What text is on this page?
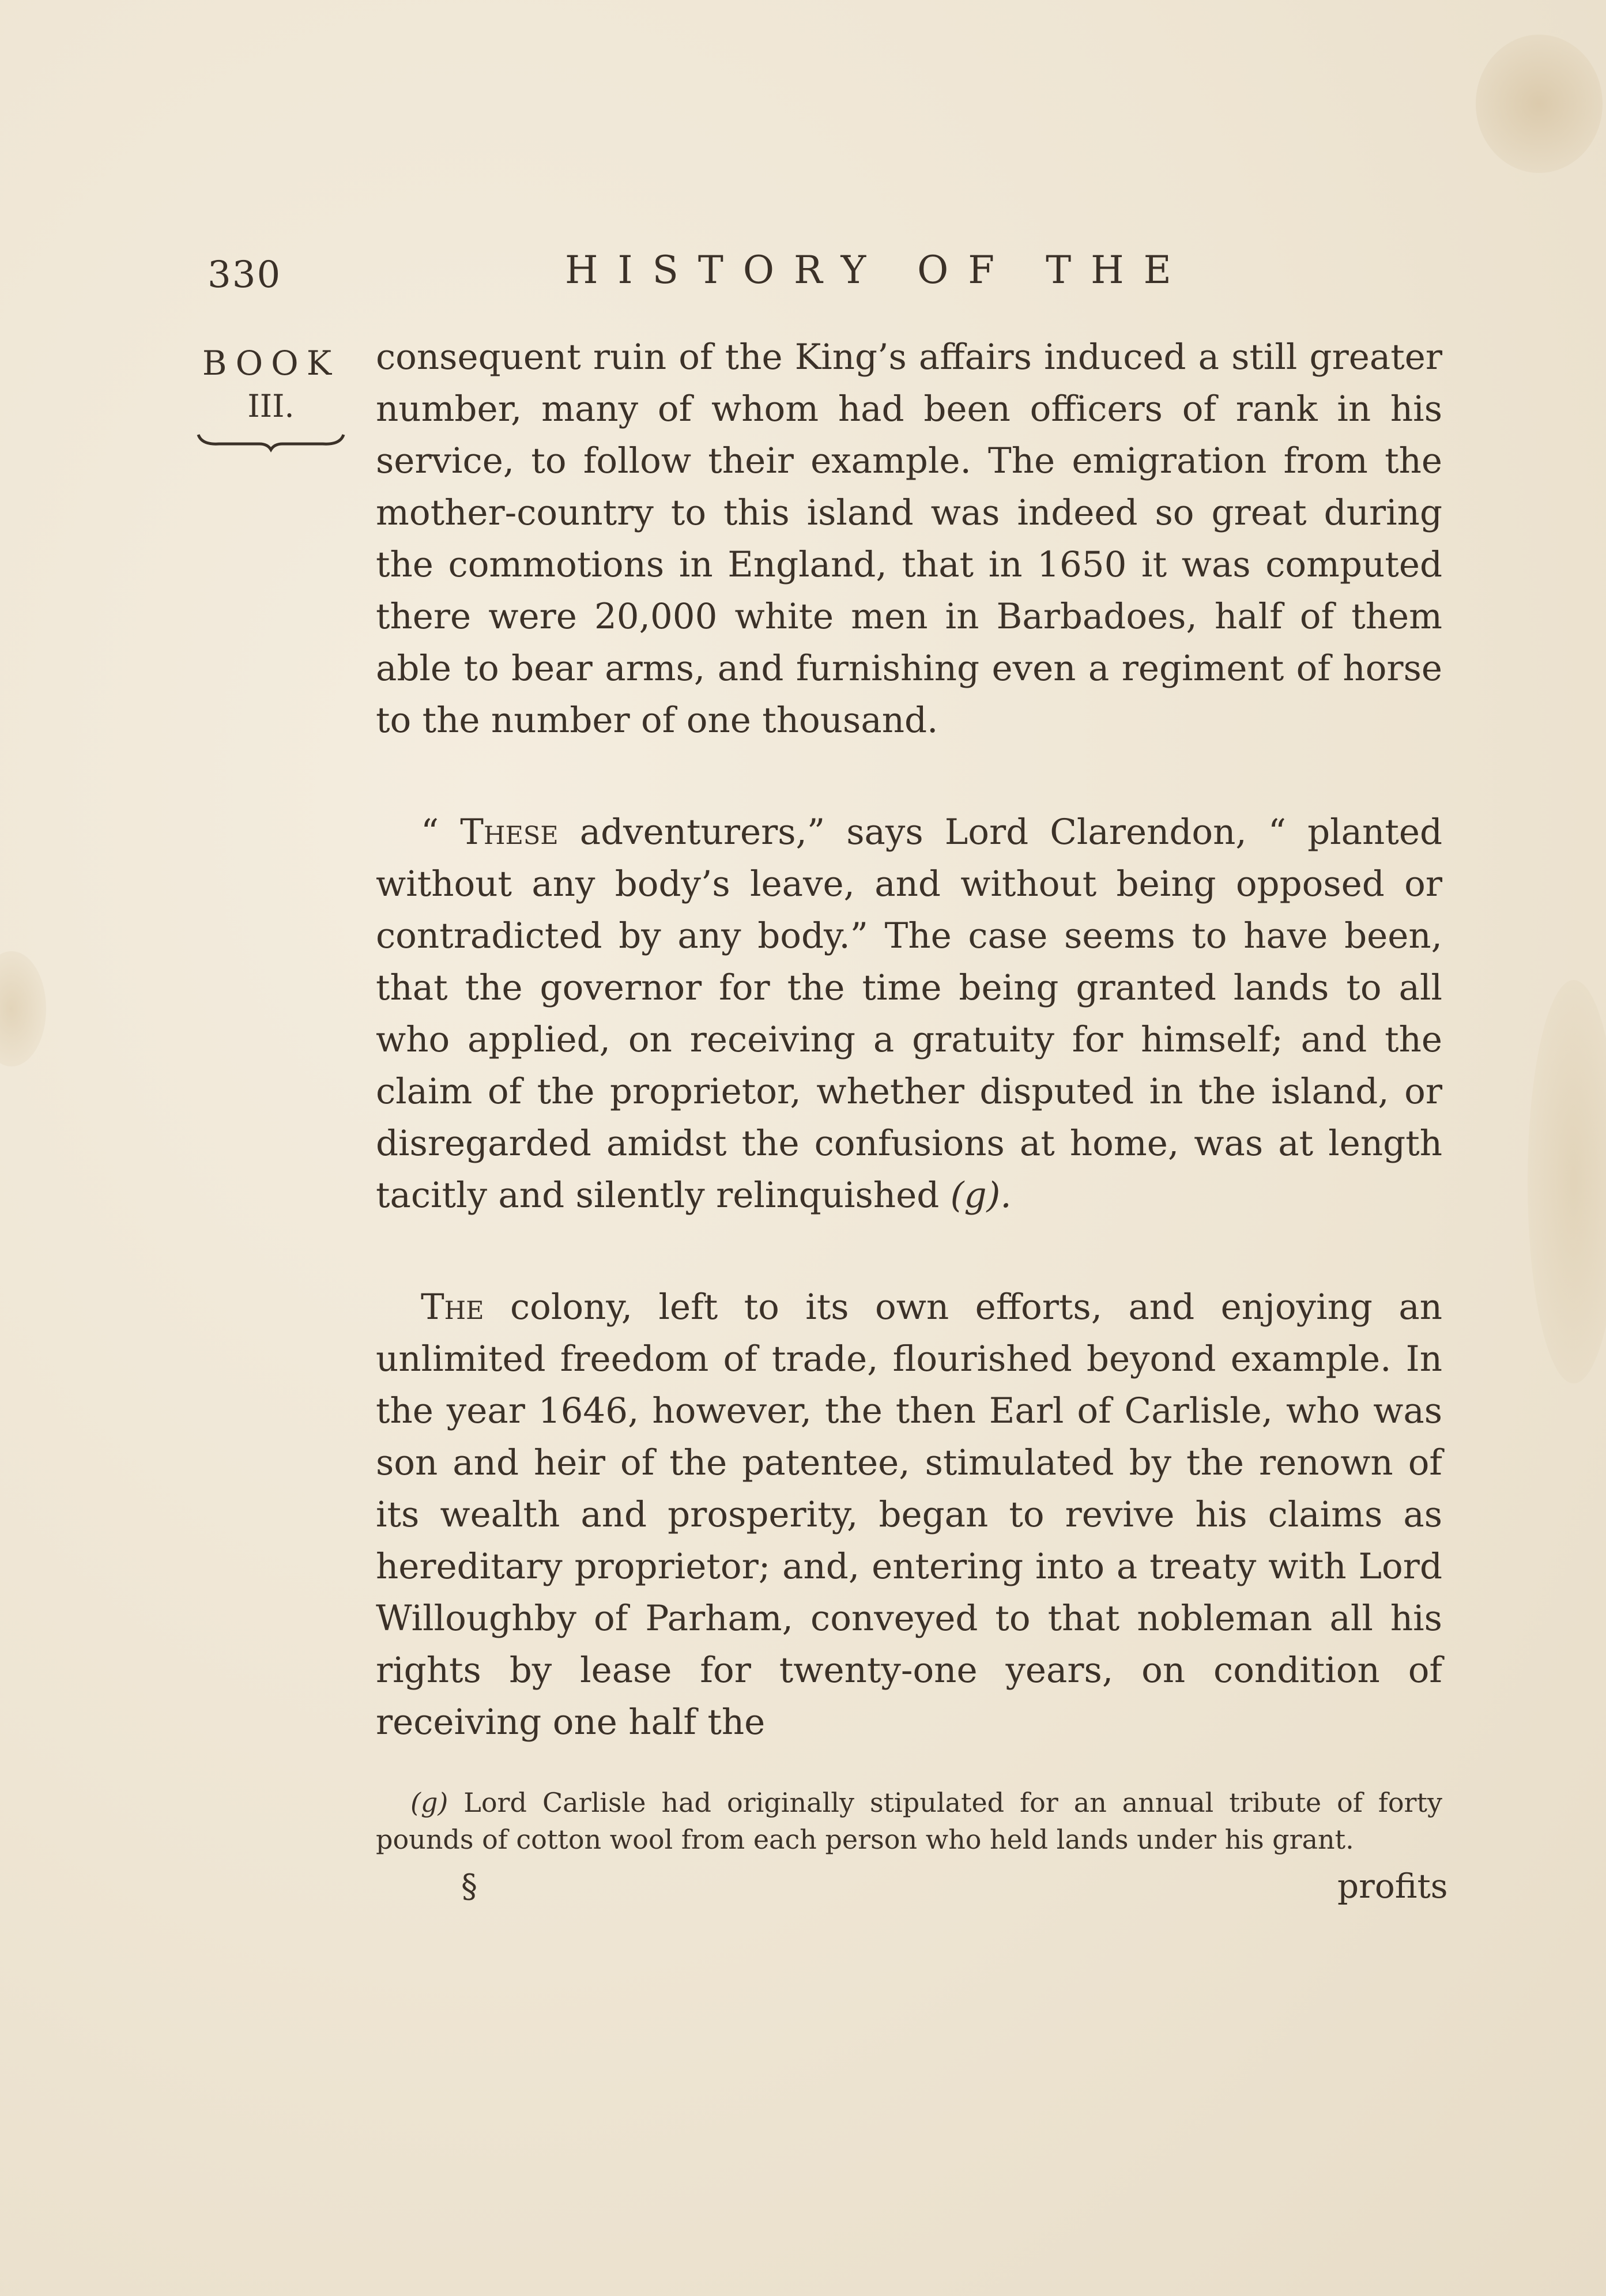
330	HISTORY OF THE
BOOK
III.

consequent ruin of the King’s affairs induced a still greater number, many of whom had been officers of rank in his service, to follow their example. The emigration from the mother-country to this island was indeed so great during the commotions in England, that in 1650 it was computed there were 20,000 white men in Barbadoes, half of them able to bear arms, and furnishing even a regiment of horse to the number of one thousand.

“ These adventurers,” says Lord Clarendon, “ planted without any body’s leave, and without being opposed or contradicted by any body.” The case seems to have been, that the governor for the time being granted lands to all who applied, on receiving a gratuity for himself; and the claim of the proprietor, whether disputed in the island, or disregarded amidst the confusions at home, was at length tacitly and silently relinquished (g).

The colony, left to its own efforts, and enjoying an unlimited freedom of trade, flourished beyond example. In the year 1646, however, the then Earl of Carlisle, who was son and heir of the patentee, stimulated by the renown of its wealth and prosperity, began to revive his claims as hereditary proprietor; and, entering into a treaty with Lord Willoughby of Parham, conveyed to that nobleman all his rights by lease for twenty-one years, on condition of receiving one half the

(g) Lord Carlisle had originally stipulated for an annual tribute of forty pounds of cotton wool from each person who held lands under his grant.
§	profits
